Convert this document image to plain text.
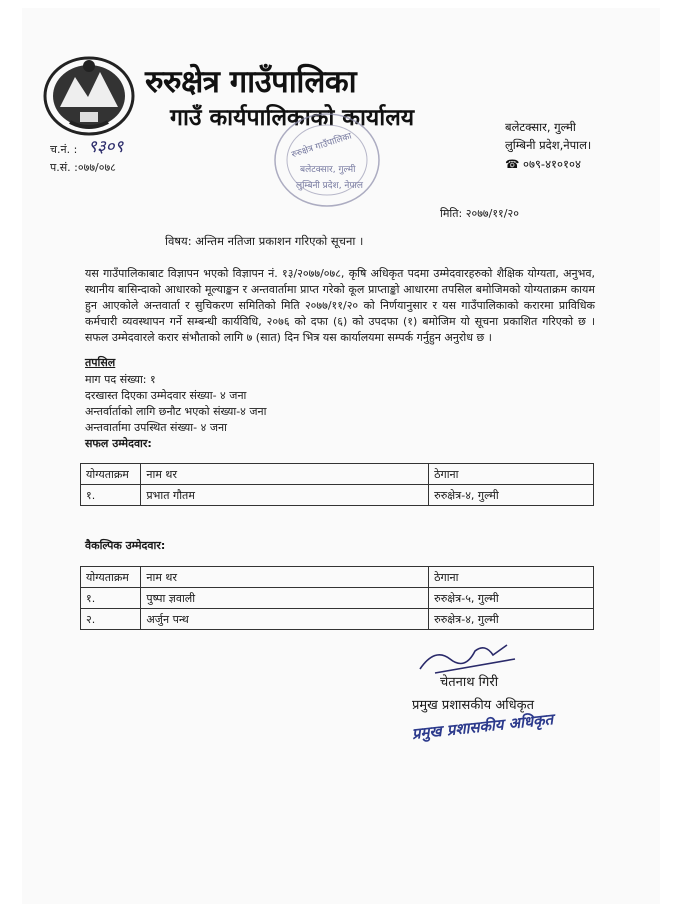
रुरुक्षेत्र गाउँपालिका
गाउँ कार्यपालिकाको कार्यालय	बलेटक्सार, गुल्मी
लुम्बिनी प्रदेश,नेपाल।
☎ ०७९-४१०१०४
च.नं. : ९३०९
प.सं. :०७७/०७८
रुरुक्षेत्र गाउँपालिका
बलेटक्सार, गुल्मी
लुम्बिनी प्रदेश, नेपाल
मिति: २०७७/११/२०
विषय: अन्तिम नतिजा प्रकाशन गरिएको सूचना ।
यस गाउँपालिकाबाट विज्ञापन भएको विज्ञापन नं. १३/२०७७/०७८, कृषि अधिकृत पदमा उम्मेदवारहरुको शैक्षिक योग्यता, अनुभव, स्थानीय बासिन्दाको आधारको मूल्याङ्कन र अन्तवार्तामा प्राप्त गरेको कूल प्राप्ताङ्को आधारमा तपसिल बमोजिमको योग्यताक्रम कायम हुन आएकोले अन्तवार्ता र सुचिकरण समितिको मिति २०७७/११/२० को निर्णयानुसार र यस गाउँपालिकाको करारमा प्राविधिक कर्मचारी व्यवस्थापन गर्ने सम्बन्धी कार्यविधि, २०७६ को दफा (६) को उपदफा (१) बमोजिम यो सूचना प्रकाशित गरिएको छ । सफल उम्मेदवारले करार संभौताको लागि ७ (सात) दिन भित्र यस कार्यालयमा सम्पर्क गर्नुहुन अनुरोध छ ।
तपसिल
माग पद संख्या: १
दरखास्त दिएका उम्मेदवार संख्या- ४ जना
अन्तर्वार्ताको लागि छनौट भएको संख्या-४ जना
अन्तवार्तामा उपस्थित संख्या- ४ जना
सफल उम्मेदवार:
योग्यताक्रम	नाम थर	ठेगाना
१.	प्रभात गौतम	रुरुक्षेत्र-४, गुल्मी
वैकल्पिक उम्मेदवार:
योग्यताक्रम	नाम थर	ठेगाना
१.	पुष्पा ज्ञवाली	रुरुक्षेत्र-५, गुल्मी
२.	अर्जुन पन्थ	रुरुक्षेत्र-४, गुल्मी
चेतनाथ गिरी
प्रमुख प्रशासकीय अधिकृत
प्रमुख प्रशासकीय अधिकृत
